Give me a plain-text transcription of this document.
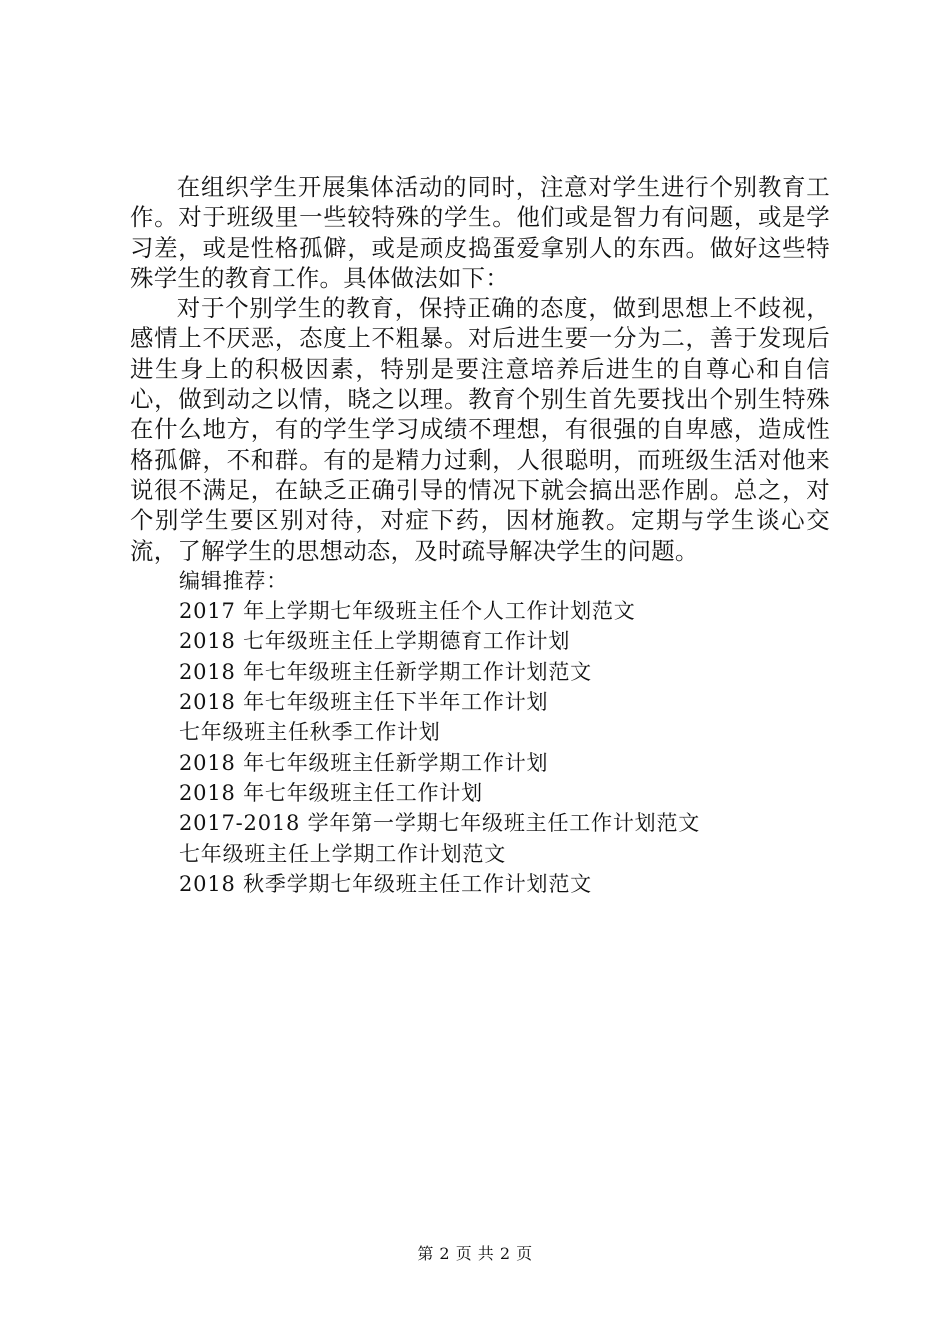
在组织学生开展集体活动的同时，注意对学生进行个别教育工作。对于班级里一些较特殊的学生。他们或是智力有问题，或是学习差，或是性格孤僻，或是顽皮捣蛋爱拿别人的东西。做好这些特殊学生的教育工作。具体做法如下：

对于个别学生的教育，保持正确的态度，做到思想上不歧视，感情上不厌恶，态度上不粗暴。对后进生要一分为二，善于发现后进生身上的积极因素，特别是要注意培养后进生的自尊心和自信心，做到动之以情，晓之以理。教育个别生首先要找出个别生特殊在什么地方，有的学生学习成绩不理想，有很强的自卑感，造成性格孤僻，不和群。有的是精力过剩，人很聪明，而班级生活对他来说很不满足，在缺乏正确引导的情况下就会搞出恶作剧。总之，对个别学生要区别对待，对症下药，因材施教。定期与学生谈心交流，了解学生的思想动态，及时疏导解决学生的问题。

编辑推荐：

2017 年上学期七年级班主任个人工作计划范文
2018 七年级班主任上学期德育工作计划
2018 年七年级班主任新学期工作计划范文
2018 年七年级班主任下半年工作计划
七年级班主任秋季工作计划
2018 年七年级班主任新学期工作计划
2018 年七年级班主任工作计划
2017-2018 学年第一学期七年级班主任工作计划范文
七年级班主任上学期工作计划范文
2018 秋季学期七年级班主任工作计划范文
第 2 页 共 2 页
